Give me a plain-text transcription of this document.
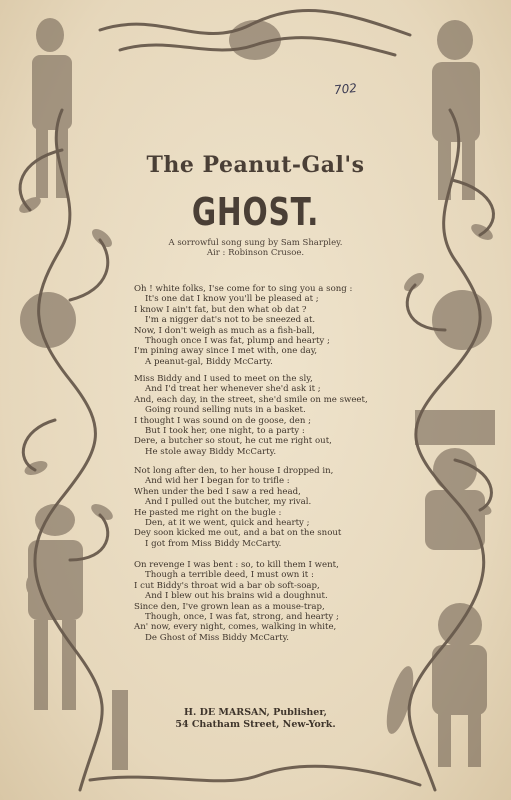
702
The Peanut-Gal's
GHOST.
A sorrowful song sung by Sam Sharpley.
Air : Robinson Crusoe.
Oh ! white folks, I'se come for to sing you a song :
It's one dat I know you'll be pleased at ;
I know I ain't fat, but den what ob dat ?
I'm a nigger dat's not to be sneezed at.
Now, I don't weigh as much as a fish-ball,
Though once I was fat, plump and hearty ;
I'm pining away since I met with, one day,
A peanut-gal, Biddy McCarty.
Miss Biddy and I used to meet on the sly,
And I'd treat her whenever she'd ask it ;
And, each day, in the street, she'd smile on me sweet,
Going round selling nuts in a basket.
I thought I was sound on de goose, den ;
But I took her, one night, to a party :
Dere, a butcher so stout, he cut me right out,
He stole away Biddy McCarty.
Not long after den, to her house I dropped in,
And wid her I began for to trifle :
When under the bed I saw a red head,
And I pulled out the butcher, my rival.
He pasted me right on the bugle :
Den, at it we went, quick and hearty ;
Dey soon kicked me out, and a bat on the snout
I got from Miss Biddy McCarty.
On revenge I was bent : so, to kill them I went,
Though a terrible deed, I must own it :
I cut Biddy's throat wid a bar ob soft-soap,
And I blew out his brains wid a doughnut.
Since den, I've grown lean as a mouse-trap,
Though, once, I was fat, strong, and hearty ;
An' now, every night, comes, walking in white,
De Ghost of Miss Biddy McCarty.
H. DE MARSAN, Publisher,
54 Chatham Street, New-York.
